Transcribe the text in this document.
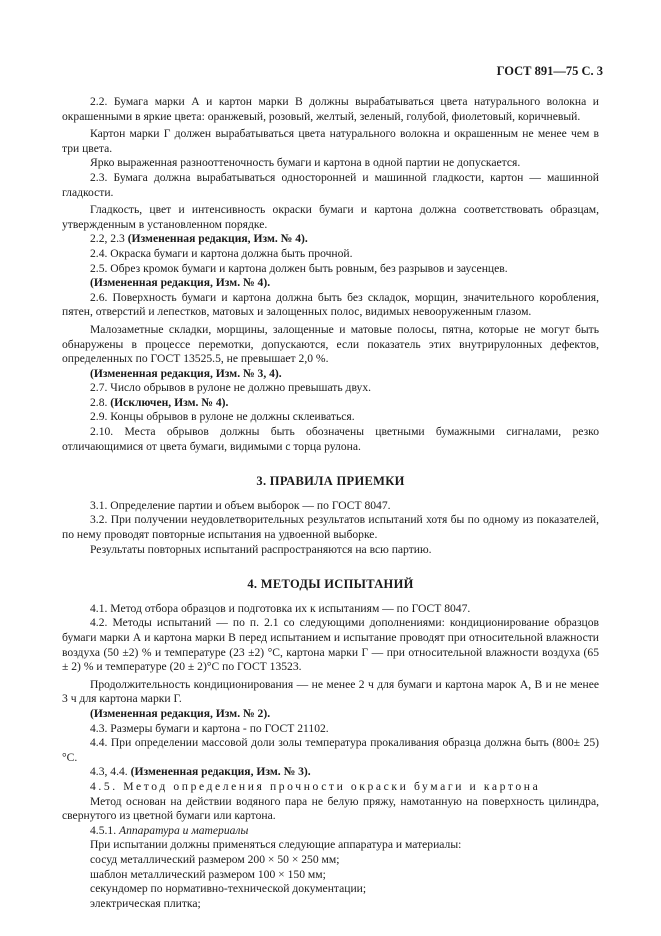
ГОСТ 891—75 С. 3

2.2. Бумага марки А и картон марки В должны вырабатываться цвета натурального волокна и окрашенными в яркие цвета: оранжевый, розовый, желтый, зеленый, голубой, фиолетовый, коричневый.

Картон марки Г должен вырабатываться цвета натурального волокна и окрашенным не менее чем в три цвета.

Ярко выраженная разнооттеночность бумаги и картона в одной партии не допускается.

2.3. Бумага должна вырабатываться односторонней и машинной гладкости, картон — машинной гладкости.

Гладкость, цвет и интенсивность окраски бумаги и картона должна соответствовать образцам, утвержденным в установленном порядке.

2.2, 2.3 (Измененная редакция, Изм. № 4).

2.4. Окраска бумаги и картона должна быть прочной.

2.5. Обрез кромок бумаги и картона должен быть ровным, без разрывов и заусенцев.

(Измененная редакция, Изм. № 4).

2.6. Поверхность бумаги и картона должна быть без складок, морщин, значительного коробления, пятен, отверстий и лепестков, матовых и залощенных полос, видимых невооруженным глазом.

Малозаметные складки, морщины, залощенные и матовые полосы, пятна, которые не могут быть обнаружены в процессе перемотки, допускаются, если показатель этих внутрирулонных дефектов, определенных по ГОСТ 13525.5, не превышает 2,0 %.

(Измененная редакция, Изм. № 3, 4).

2.7. Число обрывов в рулоне не должно превышать двух.

2.8. (Исключен, Изм. № 4).

2.9. Концы обрывов в рулоне не должны склеиваться.

2.10. Места обрывов должны быть обозначены цветными бумажными сигналами, резко отличающимися от цвета бумаги, видимыми с торца рулона.

3. ПРАВИЛА ПРИЕМКИ

3.1. Определение партии и объем выборок — по ГОСТ 8047.

3.2. При получении неудовлетворительных результатов испытаний хотя бы по одному из показателей, по нему проводят повторные испытания на удвоенной выборке.

Результаты повторных испытаний распространяются на всю партию.

4. МЕТОДЫ ИСПЫТАНИЙ

4.1. Метод отбора образцов и подготовка их к испытаниям — по ГОСТ 8047.

4.2. Методы испытаний — по п. 2.1 со следующими дополнениями: кондиционирование образцов бумаги марки А и картона марки В перед испытанием и испытание проводят при относительной влажности воздуха (50 ±2) % и температуре (23 ±2) °С, картона марки Г — при относительной влажности воздуха (65 ± 2) % и температуре (20 ± 2)°С по ГОСТ 13523.

Продолжительность кондиционирования — не менее 2 ч для бумаги и картона марок А, В и не менее 3 ч для картона марки Г.

(Измененная редакция, Изм. № 2).

4.3. Размеры бумаги и картона - по ГОСТ 21102.

4.4. При определении массовой доли золы температура прокаливания образца должна быть (800± 25) °С.

4.3, 4.4. (Измененная редакция, Изм. № 3).

4.5. Метод определения прочности окраски бумаги и картона

Метод основан на действии водяного пара не белую пряжу, намотанную на поверхность цилиндра, свернутого из цветной бумаги или картона.

4.5.1. Аппаратура и материалы

При испытании должны применяться следующие аппаратура и материалы:

сосуд металлический размером 200 × 50 × 250 мм;

шаблон металлический размером 100 × 150 мм;

секундомер по нормативно-технической документации;

электрическая плитка;
